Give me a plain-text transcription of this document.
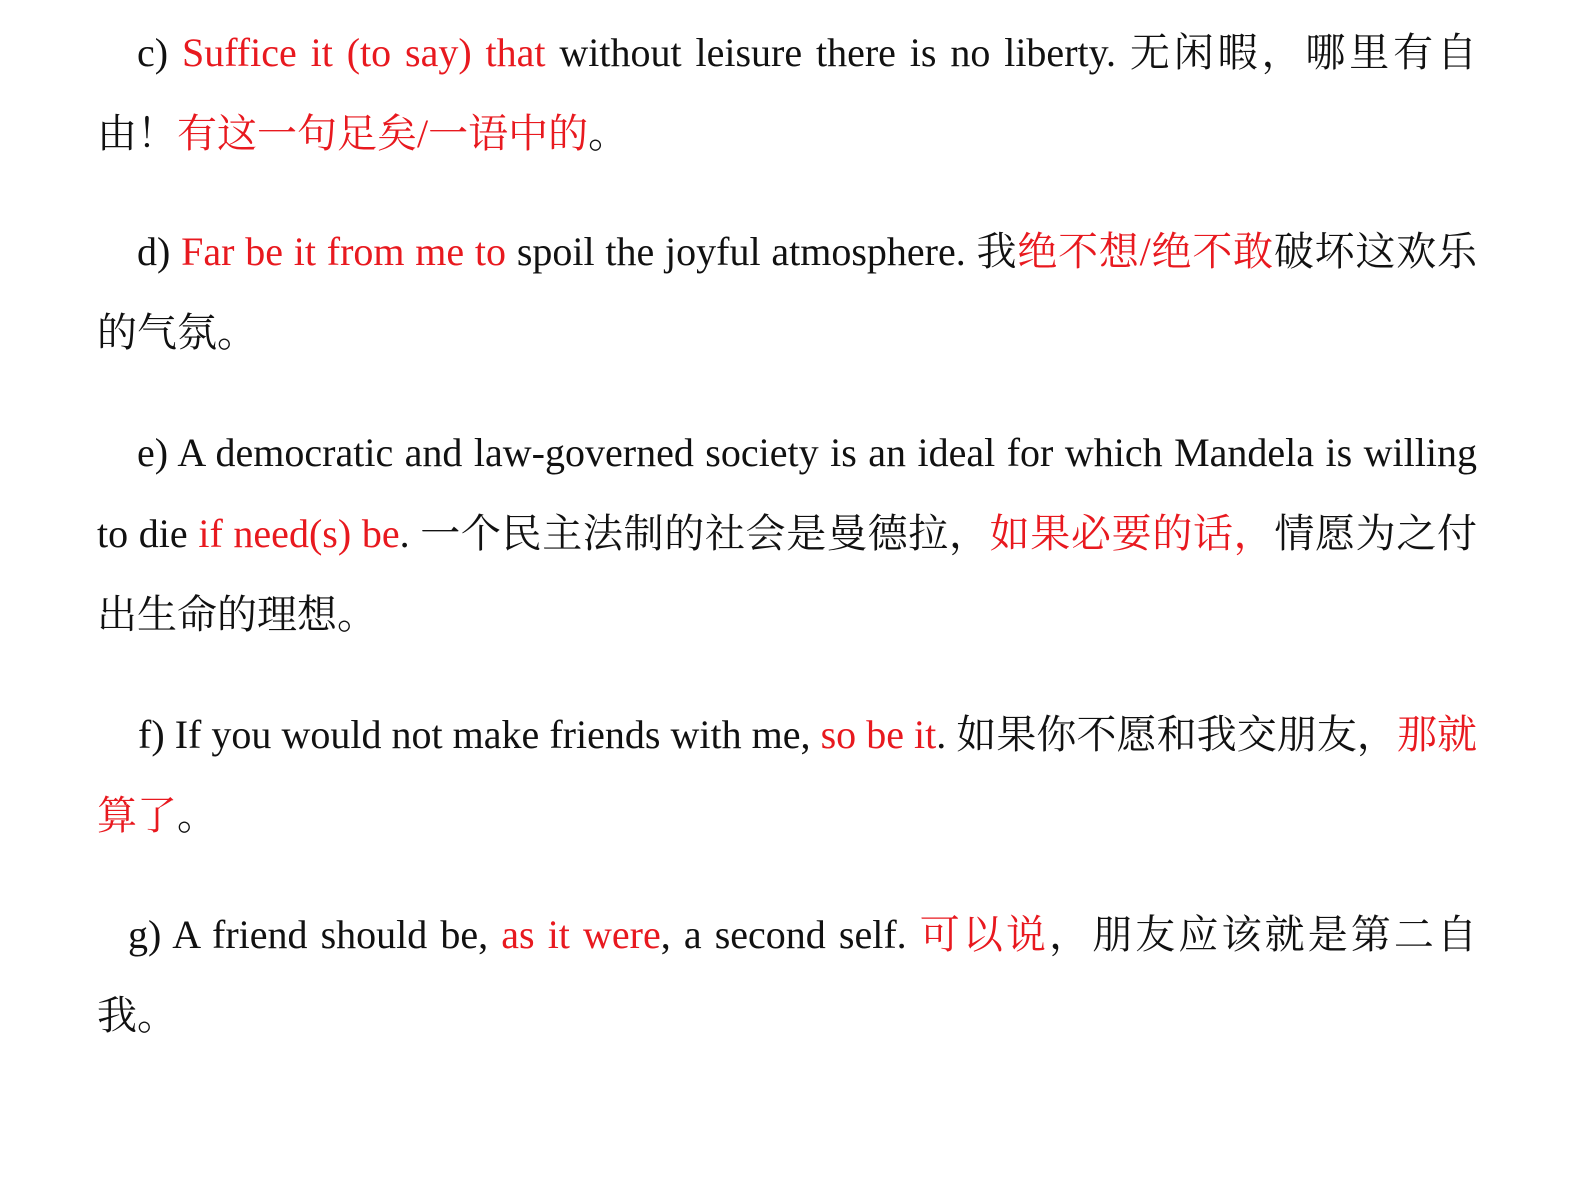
c) Suffice it (to say) that without leisure there is no liberty. 无闲暇，哪里有自由！有这一句足矣/一语中的。

d) Far be it from me to spoil the joyful atmosphere. 我绝不想/绝不敢破坏这欢乐的气氛。

e) A democratic and law-governed society is an ideal for which Mandela is willing to die if need(s) be. 一个民主法制的社会是曼德拉，如果必要的话，情愿为之付出生命的理想。

f) If you would not make friends with me, so be it. 如果你不愿和我交朋友，那就算了。

g) A friend should be, as it were, a second self. 可以说，朋友应该就是第二自我。
